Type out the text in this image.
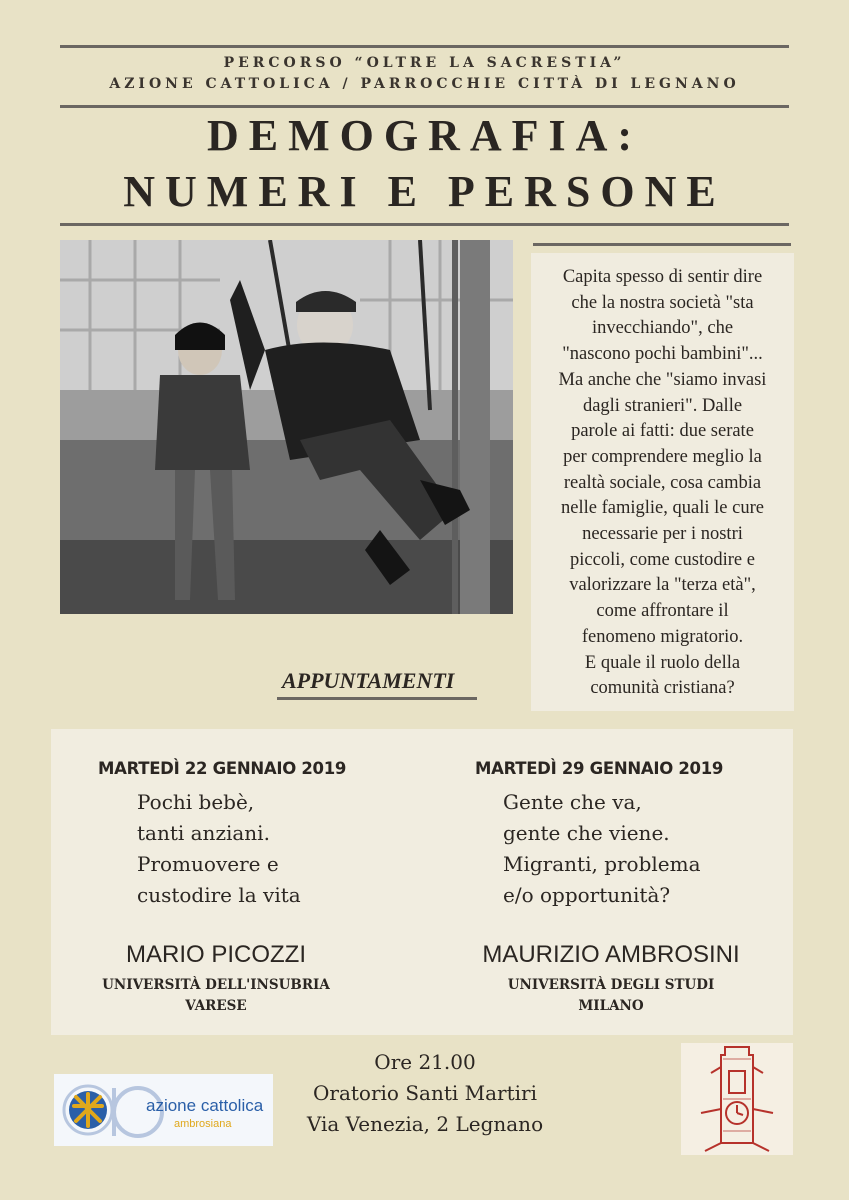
PERCORSO “OLTRE LA SACRESTIA”
AZIONE CATTOLICA / PARROCCHIE CITTÀ DI LEGNANO
DEMOGRAFIA:
NUMERI E PERSONE
Capita spesso di sentir dire
che la nostra società "sta
invecchiando", che
"nascono pochi bambini"...
Ma anche che "siamo invasi
dagli stranieri". Dalle
parole ai fatti: due serate
per comprendere meglio la
realtà sociale, cosa cambia
nelle famiglie, quali le cure
necessarie per i nostri
piccoli, come custodire e
valorizzare la "terza età",
come affrontare il
fenomeno migratorio.
E quale il ruolo della
comunità cristiana?
APPUNTAMENTI
MARTEDÌ 22 GENNAIO 2019
Pochi bebè,
tanti anziani.
Promuovere e
custodire la vita
MARIO PICOZZI
UNIVERSITÀ DELL'INSUBRIA
VARESE
MARTEDÌ 29 GENNAIO 2019
Gente che va,
gente che viene.
Migranti, problema
e/o opportunità?
MAURIZIO AMBROSINI
UNIVERSITÀ DEGLI STUDI
MILANO
Ore 21.00
Oratorio Santi Martiri
Via Venezia, 2 Legnano
azione cattolica
ambrosiana
